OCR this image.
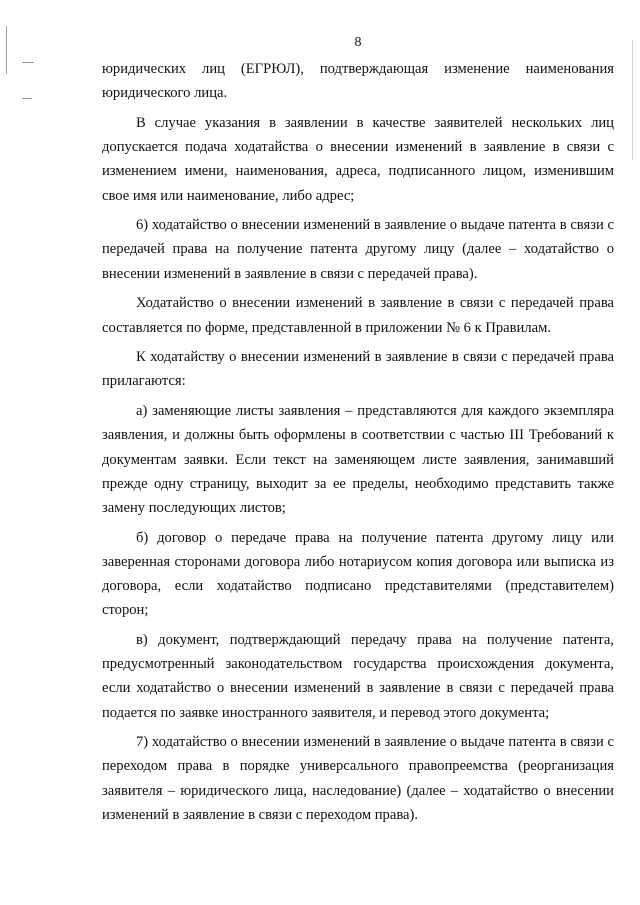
8

юридических лиц (ЕГРЮЛ), подтверждающая изменение наименования юридического лица.

В случае указания в заявлении в качестве заявителей нескольких лиц допускается подача ходатайства о внесении изменений в заявление в связи с изменением имени, наименования, адреса, подписанного лицом, изменившим свое имя или наименование, либо адрес;

6) ходатайство о внесении изменений в заявление о выдаче патента в связи с передачей права на получение патента другому лицу (далее – ходатайство о внесении изменений в заявление в связи с передачей права).

Ходатайство о внесении изменений в заявление в связи с передачей права составляется по форме, представленной в приложении № 6 к Правилам.

К ходатайству о внесении изменений в заявление в связи с передачей права прилагаются:

а) заменяющие листы заявления – представляются для каждого экземпляра заявления, и должны быть оформлены в соответствии с частью III Требований к документам заявки. Если текст на заменяющем листе заявления, занимавший прежде одну страницу, выходит за ее пределы, необходимо представить также замену последующих листов;

б) договор о передаче права на получение патента другому лицу или заверенная сторонами договора либо нотариусом копия договора или выписка из договора, если ходатайство подписано представителями (представителем) сторон;

в) документ, подтверждающий передачу права на получение патента, предусмотренный законодательством государства происхождения документа, если ходатайство о внесении изменений в заявление в связи с передачей права подается по заявке иностранного заявителя, и перевод этого документа;

7) ходатайство о внесении изменений в заявление о выдаче патента в связи с переходом права в порядке универсального правопреемства (реорганизация заявителя – юридического лица, наследование) (далее – ходатайство о внесении изменений в заявление в связи с переходом права).
